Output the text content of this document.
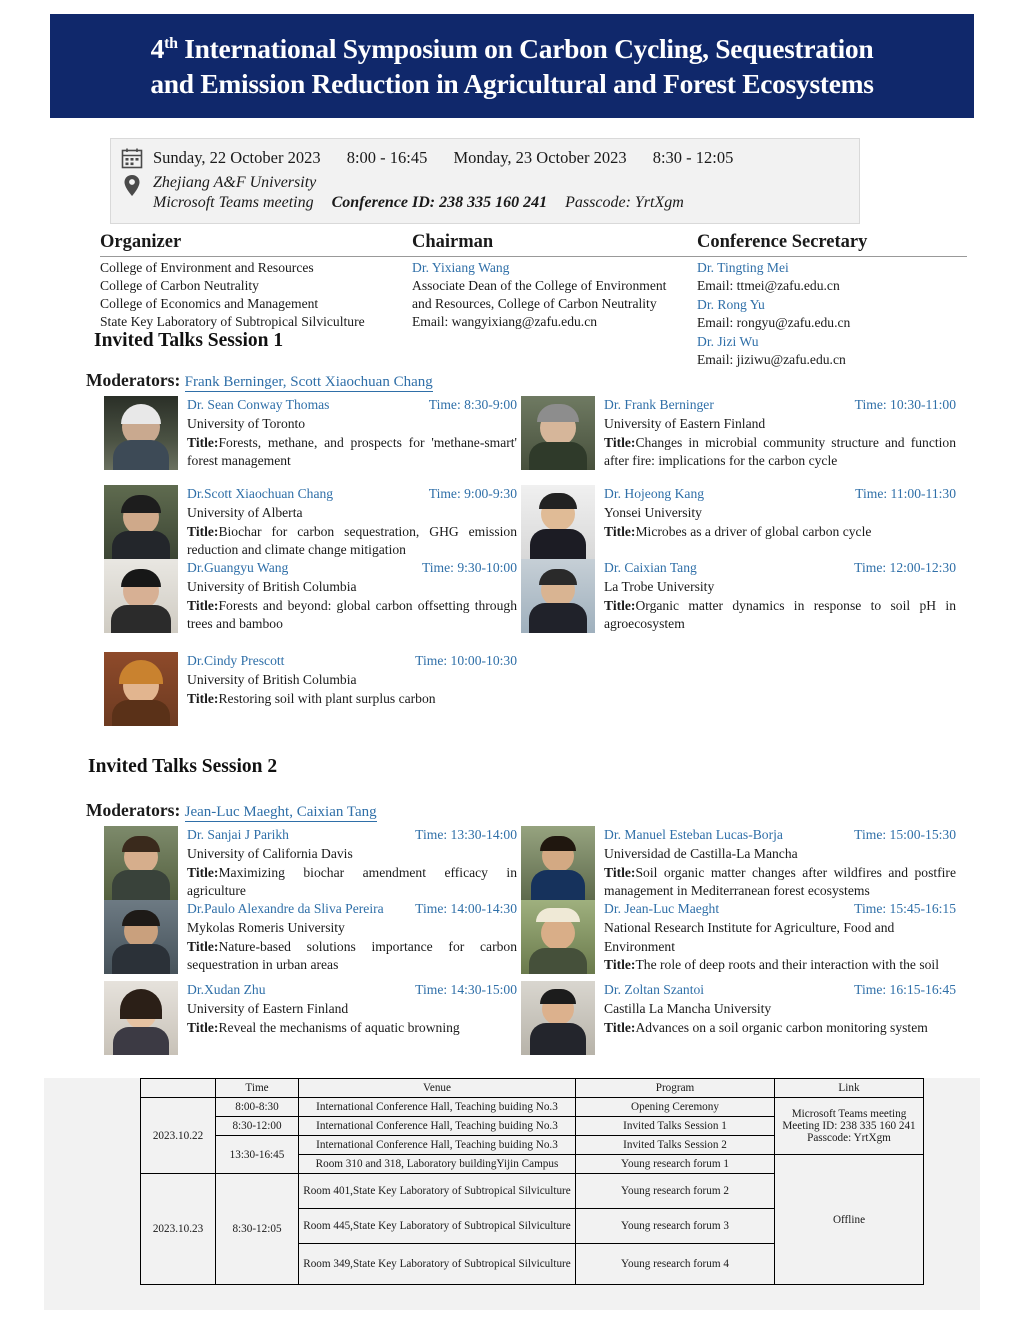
4th International Symposium on Carbon Cycling, Sequestration
and Emission Reduction in Agricultural and Forest Ecosystems
Sunday, 22 October 2023 8:00 - 16:45 Monday, 23 October 2023 8:30 - 12:05
Zhejiang A&F University
Microsoft Teams meeting Conference ID: 238 335 160 241 Passcode: YrtXgm
Organizer

College of Environment and Resources

College of Carbon Neutrality

College of Economics and Management

State Key Laboratory of Subtropical Silviculture

Chairman

Dr. Yixiang Wang

Associate Dean of the College of Environment

and Resources, College of Carbon Neutrality

Email: wangyixiang@zafu.edu.cn

Conference Secretary

Dr. Tingting Mei

Email: ttmei@zafu.edu.cn

Dr. Rong Yu

Email: rongyu@zafu.edu.cn

Dr. Jizi Wu

Email: jiziwu@zafu.edu.cn

Invited Talks Session 1
Moderators: Frank Berninger, Scott Xiaochuan Chang
Dr. Sean Conway Thomas	Time: 8:30-9:00
University of Toronto
Title:Forests, methane, and prospects for 'methane-smart' forest management
Dr.Scott Xiaochuan Chang	Time: 9:00-9:30
University of Alberta
Title:Biochar for carbon sequestration, GHG emission reduction and climate change mitigation
Dr.Guangyu Wang	Time: 9:30-10:00
University of British Columbia
Title:Forests and beyond: global carbon offsetting through trees and bamboo
Dr.Cindy Prescott	Time: 10:00-10:30
University of British Columbia
Title:Restoring soil with plant surplus carbon
Dr. Frank Berninger	Time: 10:30-11:00
University of Eastern Finland
Title:Changes in microbial community structure and function after fire: implications for the carbon cycle
Dr. Hojeong Kang	Time: 11:00-11:30
Yonsei University
Title:Microbes as a driver of global carbon cycle
Dr. Caixian Tang	Time: 12:00-12:30
La Trobe University
Title:Organic matter dynamics in response to soil pH in agroecosystem
Invited Talks Session 2
Moderators: Jean-Luc Maeght, Caixian Tang
Dr. Sanjai J Parikh	Time: 13:30-14:00
University of California Davis
Title:Maximizing biochar amendment efficacy in agriculture
Dr.Paulo Alexandre da Sliva Pereira Time: 14:00-14:30
Mykolas Romeris University
Title:Nature-based solutions importance for carbon sequestration in urban areas
Dr.Xudan Zhu	Time: 14:30-15:00
University of Eastern Finland
Title:Reveal the mechanisms of aquatic browning
Dr. Manuel Esteban Lucas-Borja	Time: 15:00-15:30
Universidad de Castilla-La Mancha
Title:Soil organic matter changes after wildfires and postfire management in Mediterranean forest ecosystems
Dr. Jean-Luc Maeght	Time: 15:45-16:15
National Research Institute for Agriculture, Food and Environment
Title:The role of deep roots and their interaction with the soil
Dr. Zoltan Szantoi	Time: 16:15-16:45
Castilla La Mancha University
Title:Advances on a soil organic carbon monitoring system
	Time	Venue	Program	Link
2023.10.22	8:00-8:30	International Conference Hall, Teaching buiding No.3	Opening Ceremony	Microsoft Teams meeting
Meeting ID: 238 335 160 241
Passcode: YrtXgm

	8:30-12:00	International Conference Hall, Teaching buiding No.3	Invited Talks Session 1	
	13:30-16:45	International Conference Hall, Teaching buiding No.3	Invited Talks Session 2	
		Room 310 and 318, Laboratory buildingYijin Campus	Young research forum 1	Offline
2023.10.23	8:30-12:05	Room 401,State Key Laboratory of Subtropical Silviculture	Young research forum 2	
		Room 445,State Key Laboratory of Subtropical Silviculture	Young research forum 3	
		Room 349,State Key Laboratory of Subtropical Silviculture	Young research forum 4	
